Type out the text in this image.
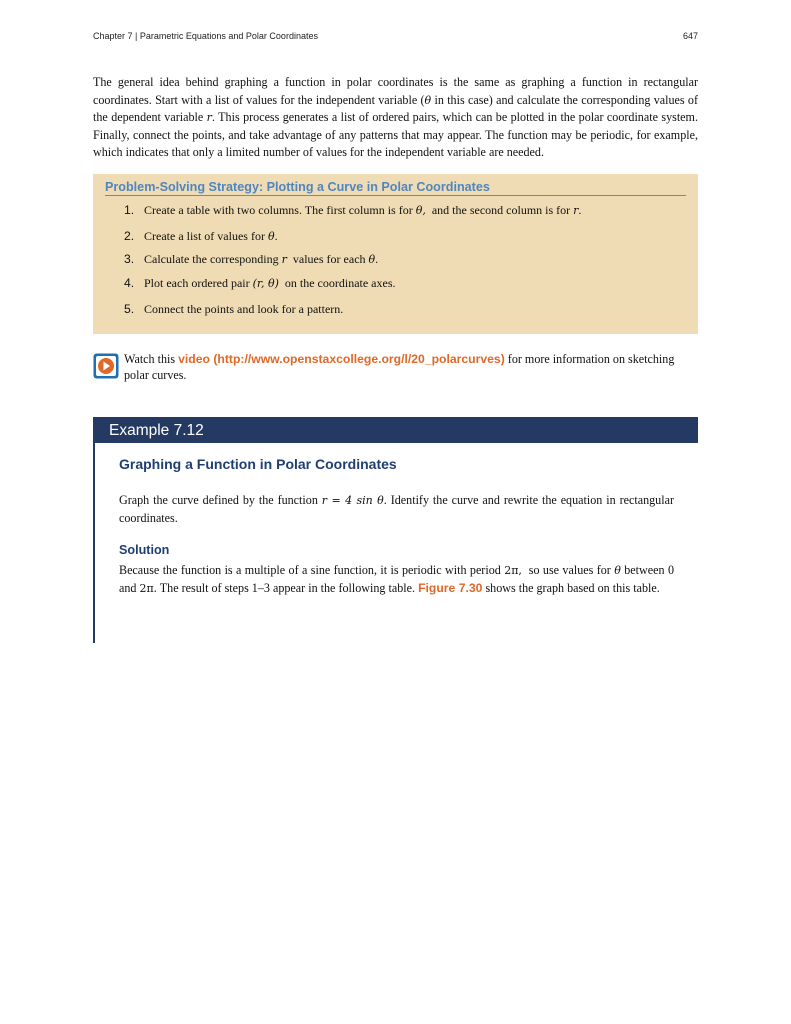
Chapter 7 | Parametric Equations and Polar Coordinates	647
The general idea behind graphing a function in polar coordinates is the same as graphing a function in rectangular coordinates. Start with a list of values for the independent variable (θ in this case) and calculate the corresponding values of the dependent variable r. This process generates a list of ordered pairs, which can be plotted in the polar coordinate system. Finally, connect the points, and take advantage of any patterns that may appear. The function may be periodic, for example, which indicates that only a limited number of values for the independent variable are needed.
Problem-Solving Strategy: Plotting a Curve in Polar Coordinates
1. Create a table with two columns. The first column is for θ,  and the second column is for r.
2. Create a list of values for θ.
3. Calculate the corresponding r  values for each θ.
4. Plot each ordered pair (r, θ)  on the coordinate axes.
5. Connect the points and look for a pattern.
Watch this video (http://www.openstaxcollege.org/l/20_polarcurves) for more information on sketching polar curves.
Example 7.12
Graphing a Function in Polar Coordinates
Graph the curve defined by the function r = 4 sin θ. Identify the curve and rewrite the equation in rectangular coordinates.
Solution
Because the function is a multiple of a sine function, it is periodic with period 2π,  so use values for θ between 0 and 2π. The result of steps 1–3 appear in the following table. Figure 7.30 shows the graph based on this table.
